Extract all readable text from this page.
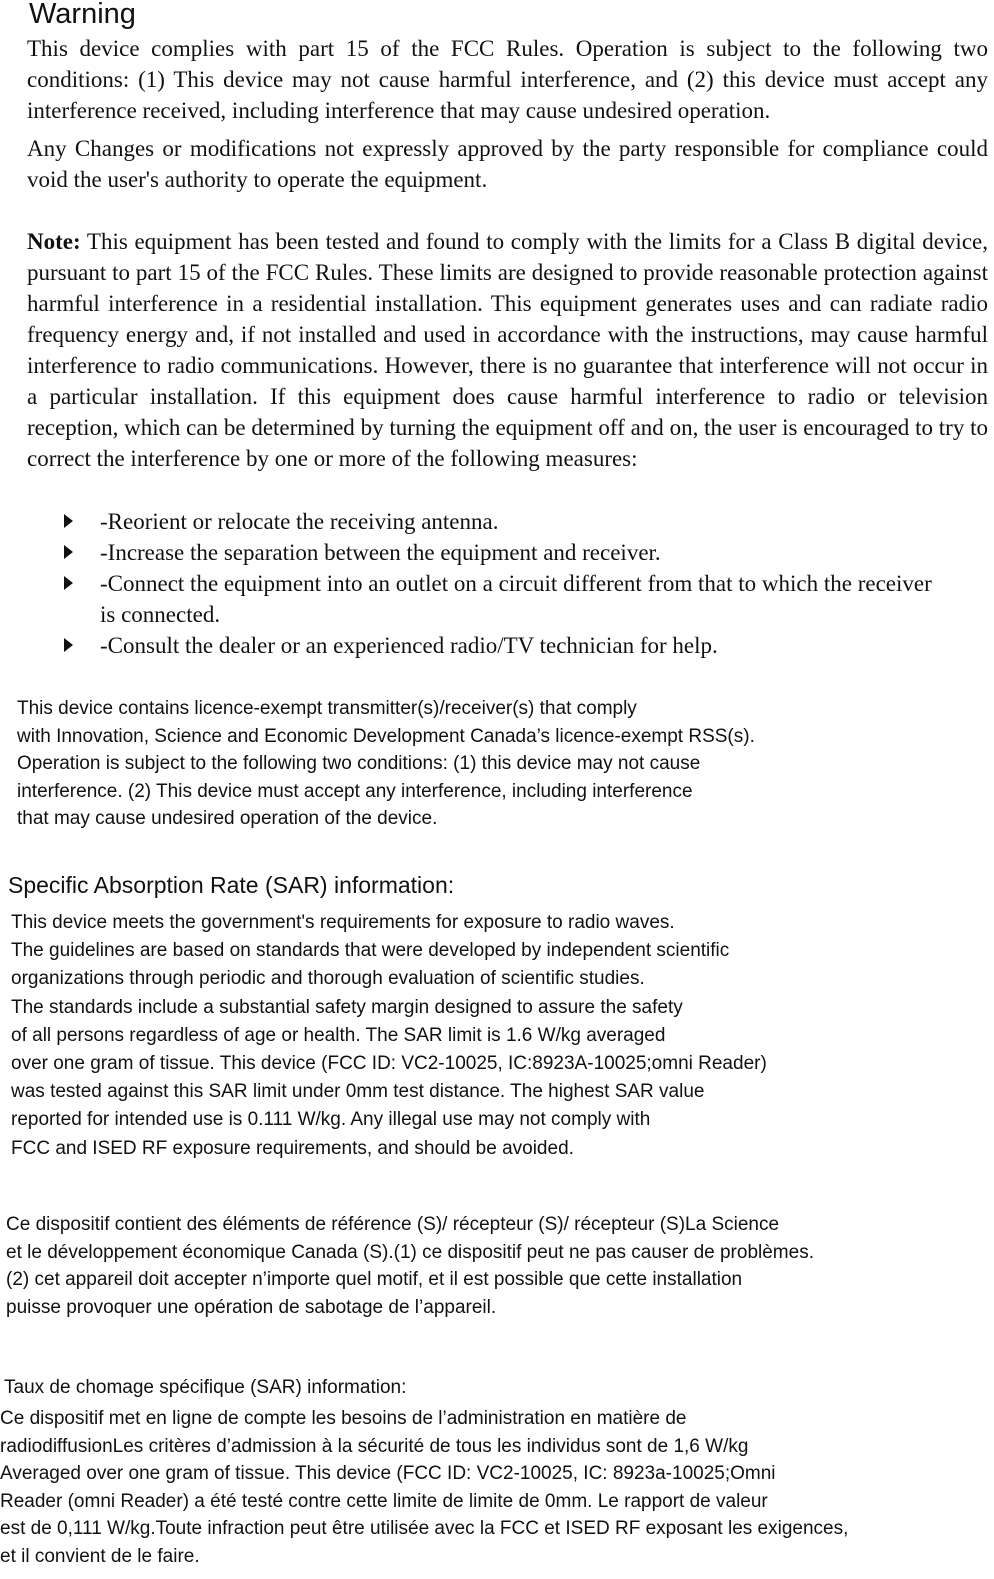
Warning

This device complies with part 15 of the FCC Rules. Operation is subject to the following two conditions: (1) This device may not cause harmful interference, and (2) this device must accept any interference received, including interference that may cause undesired operation.

Any Changes or modifications not expressly approved by the party responsible for compliance could void the user's authority to operate the equipment.

Note: This equipment has been tested and found to comply with the limits for a Class B digital device, pursuant to part 15 of the FCC Rules. These limits are designed to provide reasonable protection against harmful interference in a residential installation. This equipment generates uses and can radiate radio frequency energy and, if not installed and used in accordance with the instructions, may cause harmful interference to radio communications. However, there is no guarantee that interference will not occur in a particular installation. If this equipment does cause harmful interference to radio or television reception, which can be determined by turning the equipment off and on, the user is encouraged to try to correct the interference by one or more of the following measures:

-Reorient or relocate the receiving antenna.
-Increase the separation between the equipment and receiver.
-Connect the equipment into an outlet on a circuit different from that to which the receiver is connected.
-Consult the dealer or an experienced radio/TV technician for help.

This device contains licence-exempt transmitter(s)/receiver(s) that comply
with Innovation, Science and Economic Development Canada’s licence-exempt RSS(s).
Operation is subject to the following two conditions: (1) this device may not cause
interference. (2) This device must accept any interference, including interference
that may cause undesired operation of the device.

Specific Absorption Rate (SAR) information:

This device meets the government's requirements for exposure to radio waves.
The guidelines are based on standards that were developed by independent scientific
organizations through periodic and thorough evaluation of scientific studies.
The standards include a substantial safety margin designed to assure the safety
of all persons regardless of age or health. The SAR limit is 1.6 W/kg averaged
over one gram of tissue. This device (FCC ID: VC2-10025, IC:8923A-10025;omni Reader)
was tested against this SAR limit under 0mm test distance. The highest SAR value
reported for intended use is 0.111 W/kg. Any illegal use may not comply with
FCC and ISED RF exposure requirements, and should be avoided.

Ce dispositif contient des éléments de référence (S)/ récepteur (S)/ récepteur (S)La Science
et le développement économique Canada (S).(1) ce dispositif peut ne pas causer de problèmes.
(2) cet appareil doit accepter n’importe quel motif, et il est possible que cette installation
puisse provoquer une opération de sabotage de l’appareil.

Taux de chomage spécifique (SAR) information:

Ce dispositif met en ligne de compte les besoins de l’administration en matière de
radiodiffusionLes critères d’admission à la sécurité de tous les individus sont de 1,6 W/kg
Averaged over one gram of tissue. This device (FCC ID: VC2-10025, IC: 8923a-10025;Omni
Reader (omni Reader) a été testé contre cette limite de limite de 0mm. Le rapport de valeur
est de 0,111 W/kg.Toute infraction peut être utilisée avec la FCC et ISED RF exposant les exigences,
et il convient de le faire.
